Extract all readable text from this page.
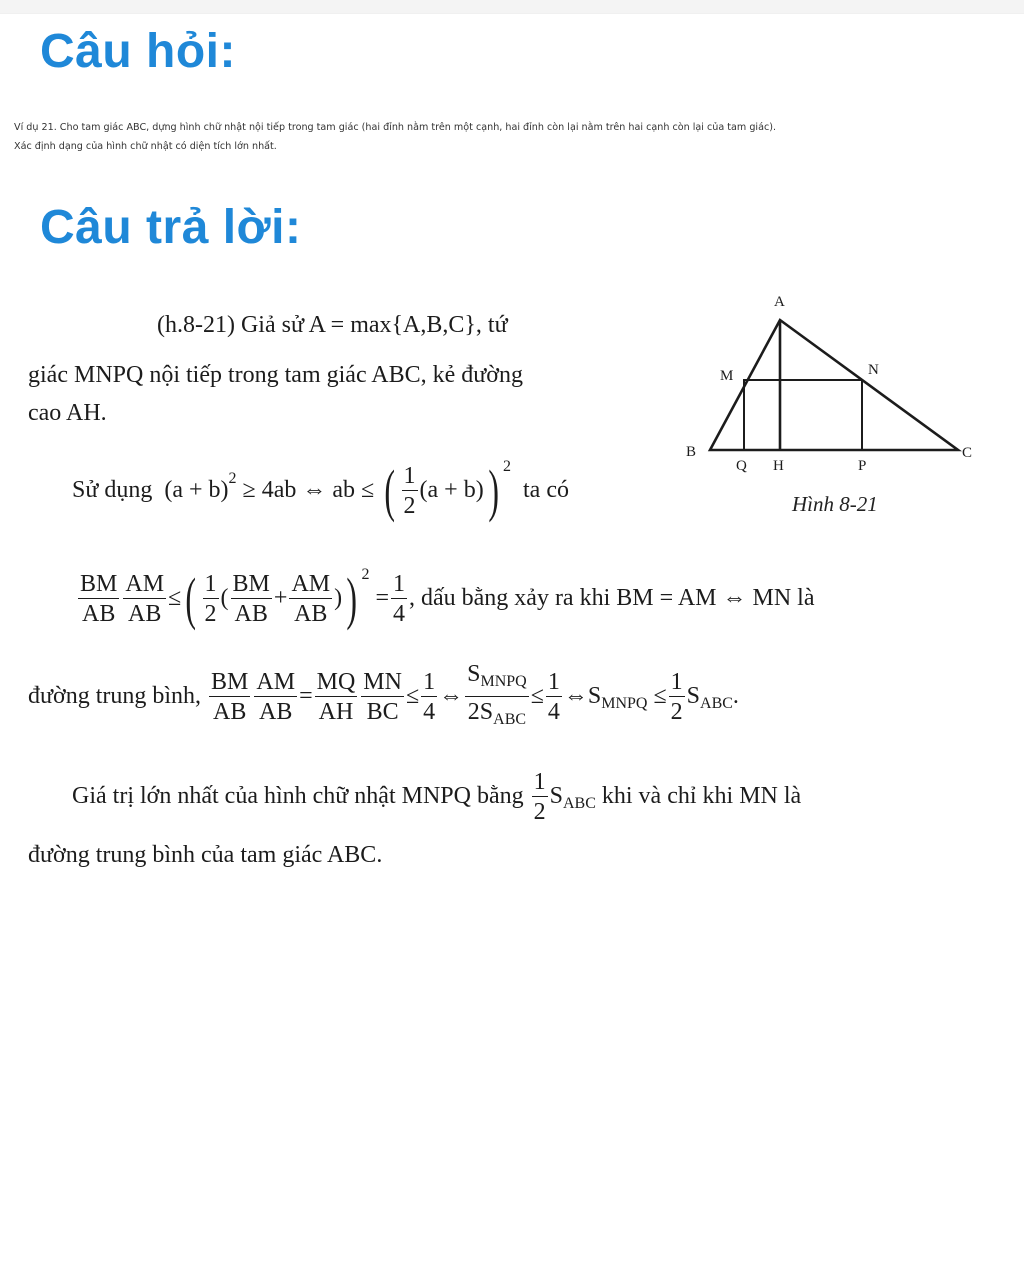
Câu hỏi:
Ví dụ 21. Cho tam giác ABC, dựng hình chữ nhật nội tiếp trong tam giác (hai đỉnh nằm trên một cạnh, hai đỉnh còn lại nằm trên hai cạnh còn lại của tam giác).
Xác định dạng của hình chữ nhật có diện tích lớn nhất.
Câu trả lời:
(h.8-21) Giả sử A = max{A,B,C}, tứ
giác MNPQ nội tiếp trong tam giác ABC, kẻ đường
cao AH.
Sử dụng $(a + b)^2 \ge 4ab$ ⇔ ab ≤ ( $\frac{1}{2} (a + b)$) $^2$  ta có
$\frac{BM}{AB} \frac{AM}{AB}$ ≤( $\frac{1}{2}$ ( $\frac{BM}{AB} + \frac{AM}{AB}$ )) $^2 = \frac{1}{4}$ , dấu bằng xảy ra khi BM = AM ⇔ MN là
đường trung bình, $\frac{BM}{AB} \frac{AM}{AB} = \frac{MQ}{AH} \frac{MN}{BC} \le \frac{1}{4}$ ⇔ $\frac{S_{MNPQ}}{2S_{ABC}} \le \frac{1}{4}$ $\Leftrightarrow S_{MNPQ} \le \frac{1}{2} S_{ABC}$.
Giá trị lớn nhất của hình chữ nhật MNPQ bằng $\frac{1}{2} S_{ABC}$ khi và chỉ khi MN là
đường trung bình của tam giác ABC.
A
B	C
M	N
P
Q H
Hình 8-21
